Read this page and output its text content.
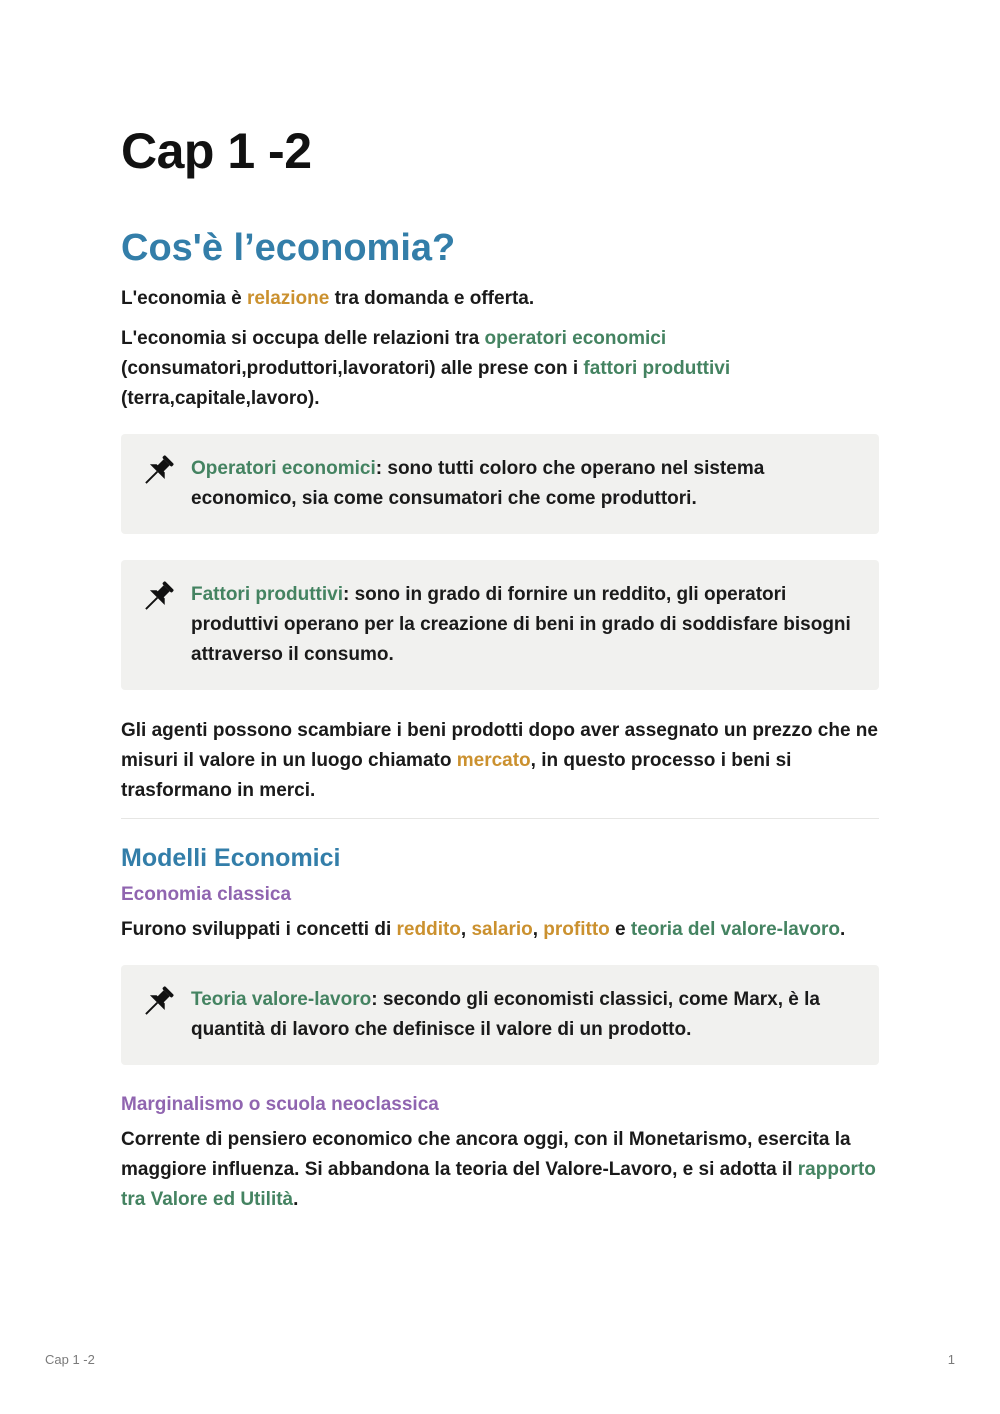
Cap 1 -2
Cos'è l’economia?

L'economia è relazione tra domanda e offerta.

L'economia si occupa delle relazioni tra operatori economici (consumatori,produttori,lavoratori) alle prese con i fattori produttivi (terra,capitale,lavoro).

Operatori economici: sono tutti coloro che operano nel sistema economico, sia come consumatori che come produttori.

Fattori produttivi: sono in grado di fornire un reddito, gli operatori produttivi operano per la creazione di beni in grado di soddisfare bisogni attraverso il consumo.

Gli agenti possono scambiare i beni prodotti dopo aver assegnato un prezzo che ne misuri il valore in un luogo chiamato mercato, in questo processo i beni si trasformano in merci.

Modelli Economici
Economia classica

Furono sviluppati i concetti di reddito, salario, profitto e teoria del valore-lavoro.

Teoria valore-lavoro: secondo gli economisti classici, come Marx, è la quantità di lavoro che definisce il valore di un prodotto.

Marginalismo o scuola neoclassica

Corrente di pensiero economico che ancora oggi, con il Monetarismo, esercita la maggiore influenza. Si abbandona la teoria del Valore-Lavoro, e si adotta il rapporto tra Valore ed Utilità.

Cap 1 -2	1
